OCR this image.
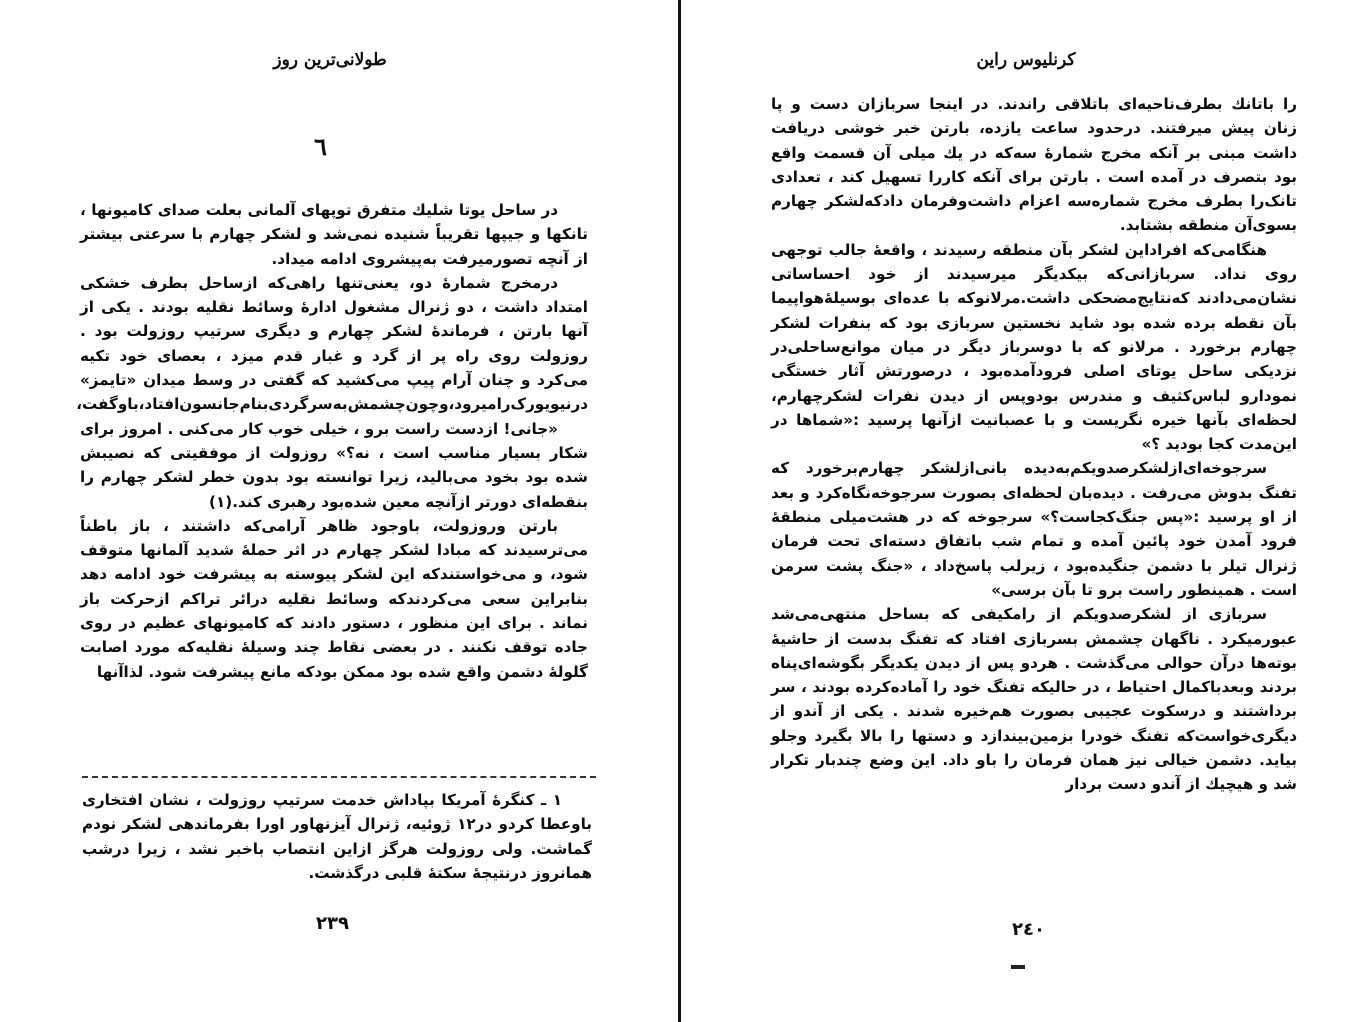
طولانی‌ترین روز
٦

در ساحل یوتا شلیك متفرق توپهای آلمانی بعلت صدای کامیونها ، تانکها و جیپها تقریباً شنیده نمی‌شد و لشکر چهارم با سرعتی بیشتر از آنچه تصورمیرفت به‌پیشروی ادامه میداد.

درمخرج شمارهٔ دو، یعنی‌تنها راهی‌که ازساحل بطرف خشکی امتداد داشت ، دو ژنرال مشغول ادارهٔ وسائط نقلیه بودند . یکی از آنها بارتن ، فرماندهٔ لشکر چهارم و دیگری سرتیپ روزولت بود . روزولت روی راه پر از گرد و غبار قدم میزد ، بعصای خود تکیه می‌کرد و چنان آرام پیپ می‌کشید که گفتی در وسط میدان «تایمز» درنیویورک‌رامیرود،وچون‌چشمش‌به‌سرگردی‌بنام‌جانسون‌افتاد،باوگفت،

«جانی! ازدست راست برو ، خیلی خوب کار می‌کنی . امروز برای شکار بسیار مناسب است ، نه؟» روزولت از موفقیتی که نصیبش شده بود بخود می‌بالید، زیرا توانسته بود بدون خطر لشکر چهارم را بنقطه‌ای دورتر ازآنچه معین شده‌بود رهبری کند.(١)

بارتن وروزولت، باوجود ظاهر آرامی‌که داشتند ، باز باطناً می‌ترسیدند که مبادا لشکر چهارم در اثر حملهٔ شدید آلمانها متوقف شود، و می‌خواستندکه این لشکر پیوسته به پیشرفت خود ادامه دهد بنابراین سعی می‌کردندکه وسائط نقلیه درائر تراکم ازحرکت باز نماند . برای این منظور ، دستور دادند که کامیونهای عظیم در روی جاده توقف نکنند . در بعضی نقاط چند وسیلهٔ نقلیه‌که مورد اصابت گلولهٔ دشمن واقع شده بود ممکن بودکه مانع پیشرفت شود. لذاآنها

١ ـ کنگرهٔ آمریکا بپاداش خدمت سرتیپ روزولت ، نشان افتخاری باوعطا کردو در١٢ ژوئیه، ژنرال آیزنهاور اورا بفرماندهی لشکر نودم گماشت. ولی روزولت هرگز ازاین انتصاب باخبر نشد ، زیرا درشب همانروز درنتیجهٔ سکتهٔ قلبی درگذشت.

٢٣٩
کرنلیوس راین

را باتانك بطرف‌ناحیه‌ای باتلاقی راندند. در اینجا سربازان دست و پا زنان پیش میرفتند. درحدود ساعت یازده، بارتن خبر خوشی دریافت داشت مبنی بر آنکه مخرج شمارهٔ سه‌که در یك میلی آن قسمت واقع بود بتصرف در آمده است . بارتن برای آنکه کاررا تسهیل کند ، تعدادی تانک‌را بطرف مخرج شماره‌سه اعزام داشت‌وفرمان دادکه‌لشکر چهارم بسوی‌آن منطقه بشتابد.

هنگامی‌که افراداین لشکر بآن منطقه رسیدند ، واقعهٔ جالب توجهی روی نداد. سربازانی‌که بیکدیگر میرسیدند از خود احساساتی نشان‌می‌دادند که‌نتایج‌مضحکی داشت.مرلانوکه با عده‌ای بوسیلهٔ‌هواپیما بآن نقطه برده شده بود شاید نخستین سربازی بود که بنفرات لشکر چهارم برخورد . مرلانو که با دوسرباز دیگر در میان موانع‌ساحلی‌در نزدیکی ساحل یوتای اصلی فرودآمده‌بود ، درصورتش آثار خستگی نمودارو لباس‌کثیف و مندرس بودوپس از دیدن نفرات لشکرچهارم، لحظه‌ای بآنها خیره نگریست و با عصبانیت ازآنها پرسید :«شماها در این‌مدت کجا بودید ؟»

سرجوخه‌ای‌ازلشکرصدویکم‌به‌دیده بانی‌ازلشکر چهارم‌برخورد که تفنگ بدوش می‌رفت . دیده‌بان لحظه‌ای بصورت سرجوخه‌نگاه‌کرد و بعد از او پرسید :«پس جنگ‌کجاست؟» سرجوخه که در هشت‌میلی منطقهٔ فرود آمدن خود پائین آمده و تمام شب باتفاق دسته‌ای تحت فرمان ژنرال تیلر با دشمن جنگیده‌بود ، زیرلب پاسخ‌داد ، «جنگ پشت سرمن است . همینطور راست برو تا بآن برسی»

سربازی از لشکرصدویکم از رامکیفی که بساحل منتهی‌می‌شد عبورمیکرد . ناگهان چشمش بسربازی افتاد که تفنگ بدست از حاشیهٔ بوته‌ها درآن حوالی می‌گذشت . هردو پس از دیدن یکدیگر بگوشه‌ای‌پناه بردند وبعدباکمال احتیاط ، در حالیکه تفنگ خود را آماده‌کرده بودند ، سر برداشتند و درسکوت عجیبی بصورت هم‌خیره شدند . یکی از آندو از دیگری‌خواست‌که تفنگ خودرا بزمین‌بیندازد و دستها را بالا بگیرد وجلو بیاید. دشمن خیالی نیز همان فرمان را باو داد. این وضع چندبار تکرار شد و هیچیك از آندو دست بردار

٢٤٠
